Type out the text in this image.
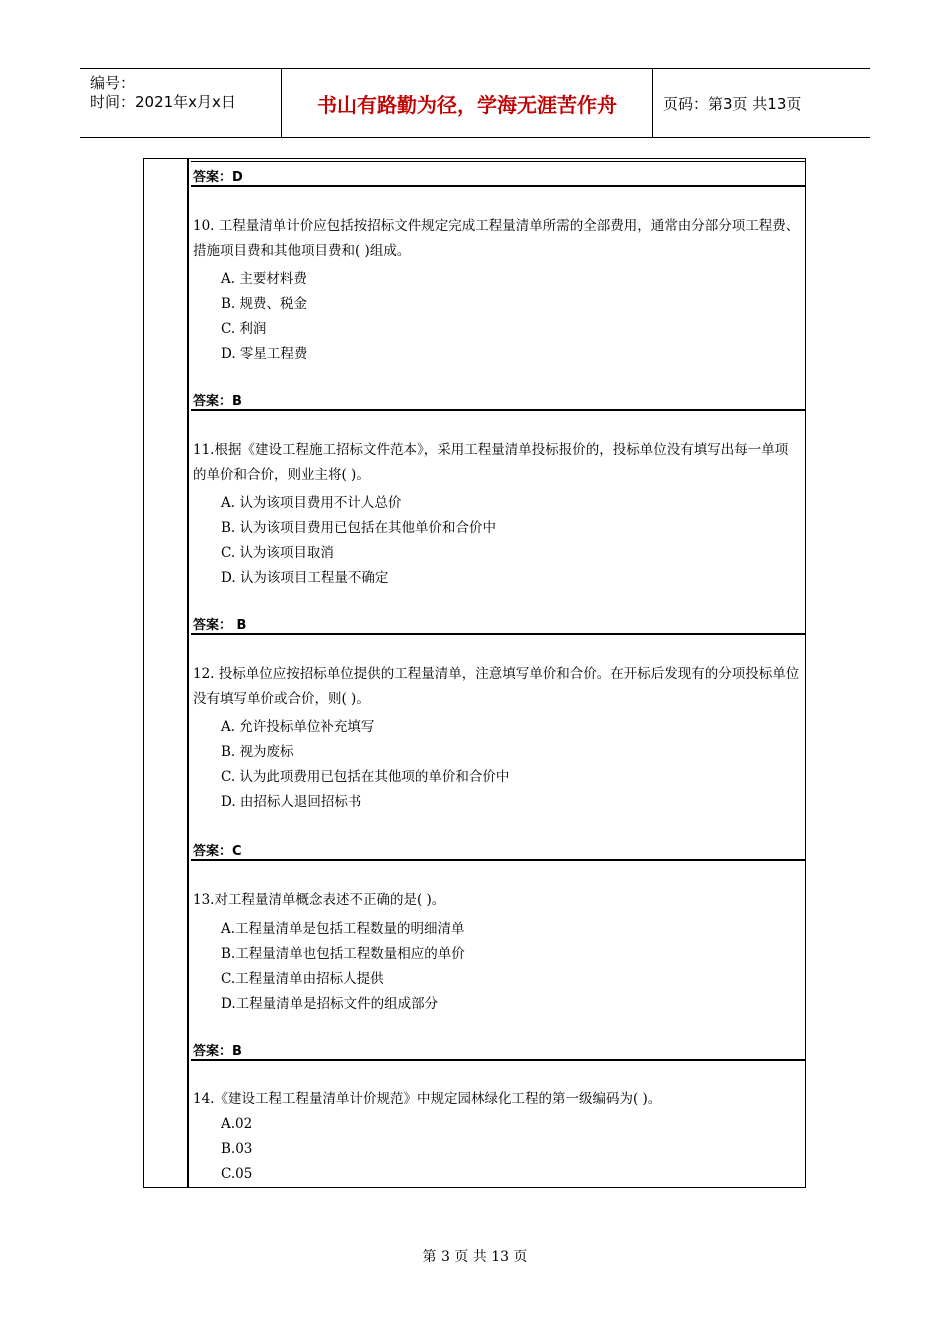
编号：
时间：2021年x月x日	书山有路勤为径，学海无涯苦作舟	页码：第3页 共13页
答案：D
10. 工程量清单计价应包括按招标文件规定完成工程量清单所需的全部费用，通常由分部分项工程费、措施项目费和其他项目费和( )组成。
A. 主要材料费
B. 规费、税金
C. 利润
D. 零星工程费
答案：B
11.根据《建设工程施工招标文件范本》，采用工程量清单投标报价的，投标单位没有填写出每一单项的单价和合价，则业主将( )。
A. 认为该项目费用不计人总价
B. 认为该项目费用已包括在其他单价和合价中
C. 认为该项目取消
D. 认为该项目工程量不确定
答案： B
12. 投标单位应按招标单位提供的工程量清单，注意填写单价和合价。在开标后发现有的分项投标单位没有填写单价或合价，则( )。
A. 允许投标单位补充填写
B. 视为废标
C. 认为此项费用已包括在其他项的单价和合价中
D. 由招标人退回招标书
答案：C
13.对工程量清单概念表述不正确的是( )。
A.工程量清单是包括工程数量的明细清单
B.工程量清单也包括工程数量相应的单价
C.工程量清单由招标人提供
D.工程量清单是招标文件的组成部分
答案：B
14.《建设工程工程量清单计价规范》中规定园林绿化工程的第一级编码为( )。
A.02
B.03
C.05
第 3 页 共 13 页
